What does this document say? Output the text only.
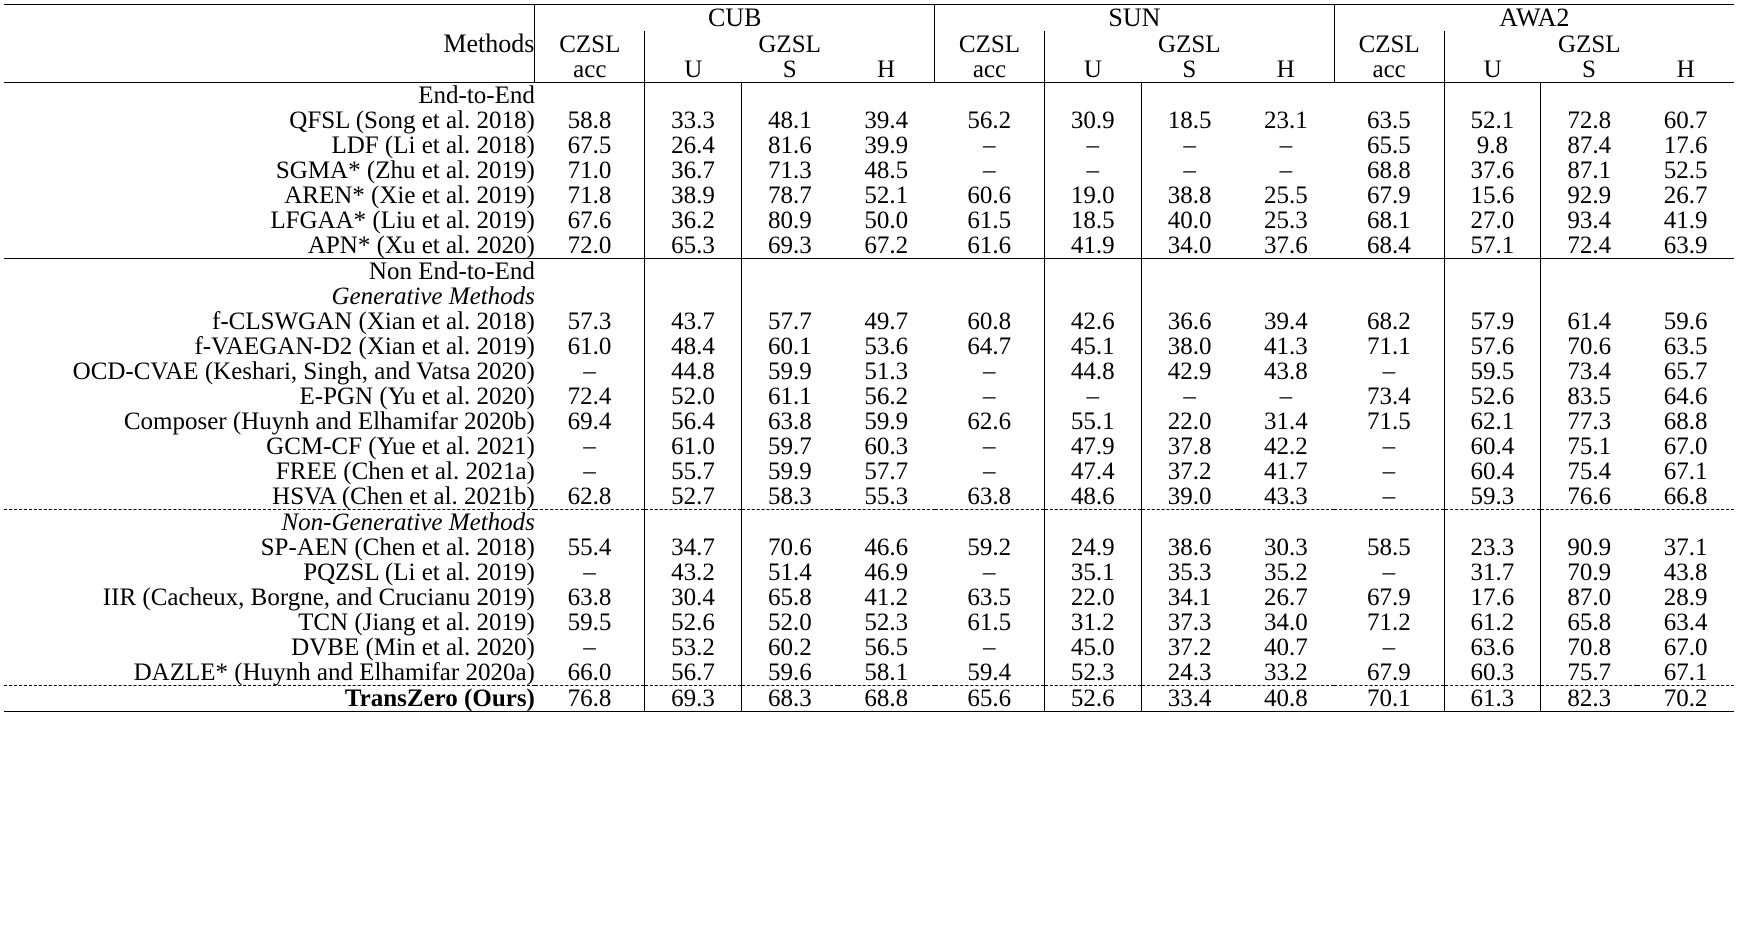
	CUB				SUN				AWA2			
Methods	CZSL	GZSL			CZSL	GZSL			CZSL	GZSL		
	acc	U	S	H	acc	U	S	H	acc	U	S	H
End-to-End												
QFSL (Song et al. 2018)	58.8	33.3	48.1	39.4	56.2	30.9	18.5	23.1	63.5	52.1	72.8	60.7
LDF (Li et al. 2018)	67.5	26.4	81.6	39.9	–	–	–	–	65.5	9.8	87.4	17.6
SGMA* (Zhu et al. 2019)	71.0	36.7	71.3	48.5	–	–	–	–	68.8	37.6	87.1	52.5
AREN* (Xie et al. 2019)	71.8	38.9	78.7	52.1	60.6	19.0	38.8	25.5	67.9	15.6	92.9	26.7
LFGAA* (Liu et al. 2019)	67.6	36.2	80.9	50.0	61.5	18.5	40.0	25.3	68.1	27.0	93.4	41.9
APN* (Xu et al. 2020)	72.0	65.3	69.3	67.2	61.6	41.9	34.0	37.6	68.4	57.1	72.4	63.9
Non End-to-End												
Generative Methods												
f-CLSWGAN (Xian et al. 2018)	57.3	43.7	57.7	49.7	60.8	42.6	36.6	39.4	68.2	57.9	61.4	59.6
f-VAEGAN-D2 (Xian et al. 2019)	61.0	48.4	60.1	53.6	64.7	45.1	38.0	41.3	71.1	57.6	70.6	63.5
OCD-CVAE (Keshari, Singh, and Vatsa 2020)	–	44.8	59.9	51.3	–	44.8	42.9	43.8	–	59.5	73.4	65.7
E-PGN (Yu et al. 2020)	72.4	52.0	61.1	56.2	–	–	–	–	73.4	52.6	83.5	64.6
Composer (Huynh and Elhamifar 2020b)	69.4	56.4	63.8	59.9	62.6	55.1	22.0	31.4	71.5	62.1	77.3	68.8
GCM-CF (Yue et al. 2021)	–	61.0	59.7	60.3	–	47.9	37.8	42.2	–	60.4	75.1	67.0
FREE (Chen et al. 2021a)	–	55.7	59.9	57.7	–	47.4	37.2	41.7	–	60.4	75.4	67.1
HSVA (Chen et al. 2021b)	62.8	52.7	58.3	55.3	63.8	48.6	39.0	43.3	–	59.3	76.6	66.8
Non-Generative Methods												
SP-AEN (Chen et al. 2018)	55.4	34.7	70.6	46.6	59.2	24.9	38.6	30.3	58.5	23.3	90.9	37.1
PQZSL (Li et al. 2019)	–	43.2	51.4	46.9	–	35.1	35.3	35.2	–	31.7	70.9	43.8
IIR (Cacheux, Borgne, and Crucianu 2019)	63.8	30.4	65.8	41.2	63.5	22.0	34.1	26.7	67.9	17.6	87.0	28.9
TCN (Jiang et al. 2019)	59.5	52.6	52.0	52.3	61.5	31.2	37.3	34.0	71.2	61.2	65.8	63.4
DVBE (Min et al. 2020)	–	53.2	60.2	56.5	–	45.0	37.2	40.7	–	63.6	70.8	67.0
DAZLE* (Huynh and Elhamifar 2020a)	66.0	56.7	59.6	58.1	59.4	52.3	24.3	33.2	67.9	60.3	75.7	67.1
TransZero (Ours)	76.8	69.3	68.3	68.8	65.6	52.6	33.4	40.8	70.1	61.3	82.3	70.2
